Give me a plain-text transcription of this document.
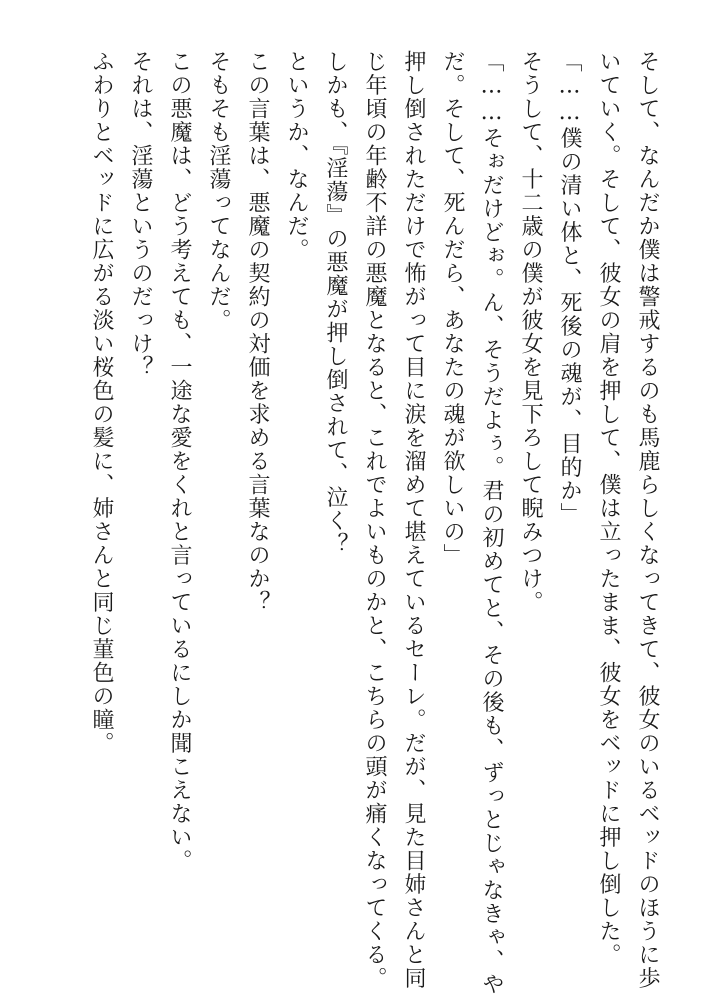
そして、なんだか僕は警戒するのも馬鹿らしくなってきて、彼女のいるベッドのほうに歩
いていく。そして、彼女の肩を押して、僕は立ったまま、彼女をベッドに押し倒した。
「……僕の清い体と、死後の魂が、目的か」
そうして、十二歳の僕が彼女を見下ろして睨みつけ。
「……そぉだけどぉ。ん、そうだよぅ。君の初めてと、その後も、ずっとじゃなきゃ、や
だ。そして、死んだら、あなたの魂が欲しいの」
押し倒されただけで怖がって目に涙を溜めて堪えているセーレ。だが、見た目姉さんと同
じ年頃の年齢不詳の悪魔となると、これでよいものかと、こちらの頭が痛くなってくる。
しかも、『淫蕩』の悪魔が押し倒されて、泣く？
というか、なんだ。
この言葉は、悪魔の契約の対価を求める言葉なのか？
そもそも淫蕩ってなんだ。
この悪魔は、どう考えても、一途な愛をくれと言っているにしか聞こえない。
それは、淫蕩というのだっけ？
ふわりとベッドに広がる淡い桜色の髪に、姉さんと同じ菫色の瞳。
